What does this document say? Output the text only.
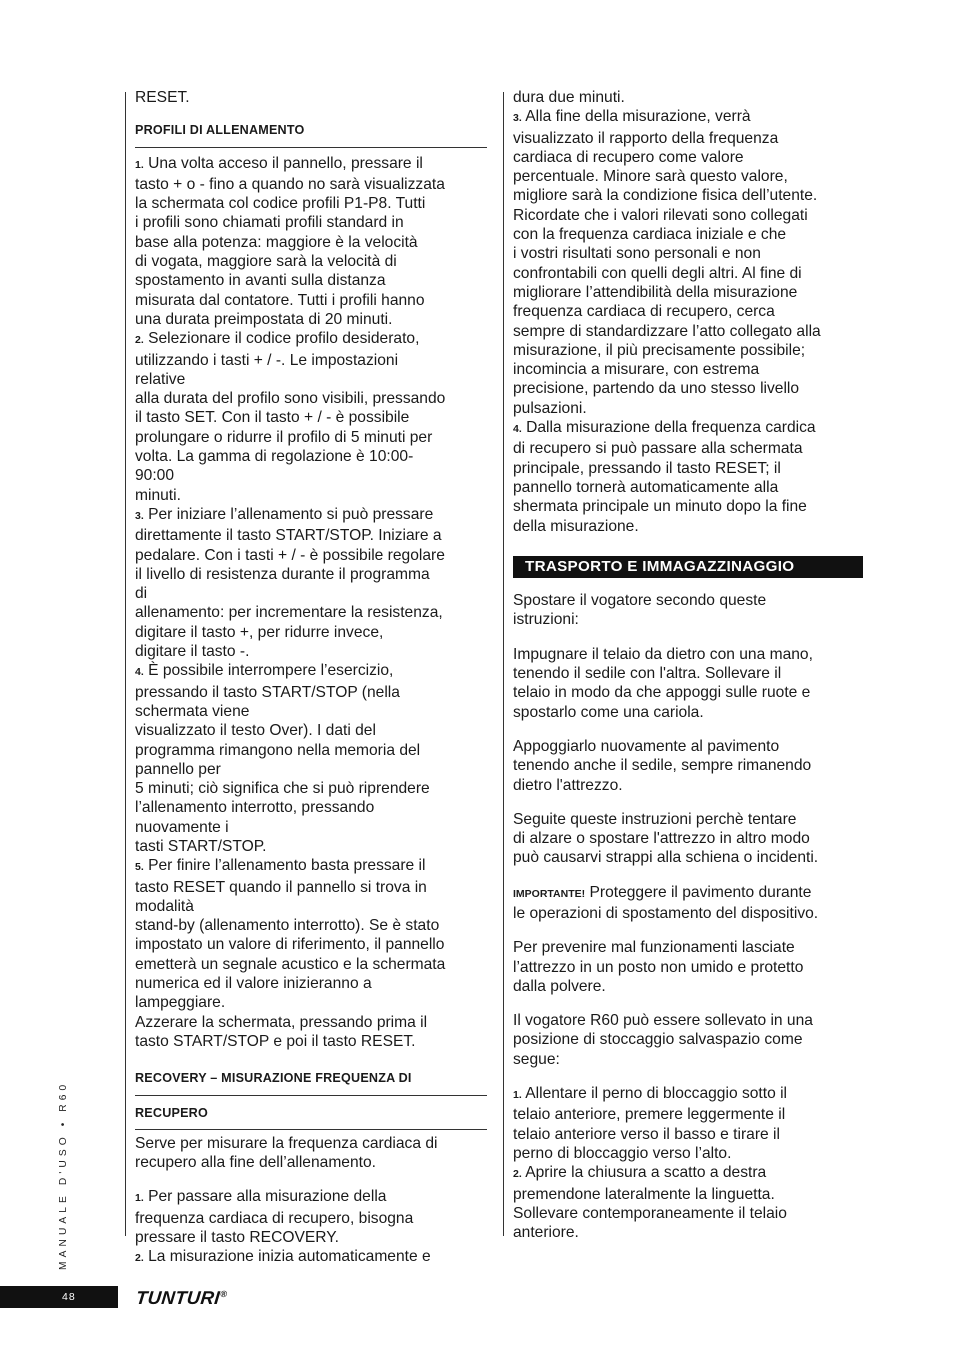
RESET.
PROFILI DI ALLENAMENTO
1. Una volta acceso il pannello, pressare il
tasto + o - fino a quando no sarà visualizzata
la schermata col codice profili P1-P8. Tutti
i profili sono chiamati profili standard in
base alla potenza: maggiore è la velocità
di vogata, maggiore sarà la velocità di
spostamento in avanti sulla distanza
misurata dal contatore. Tutti i profili hanno
una durata preimpostata di 20 minuti.
2. Selezionare il codice profilo desiderato,
utilizzando i tasti + / -. Le impostazioni
relative
alla durata del profilo sono visibili, pressando
il tasto SET. Con il tasto + / - è possibile
prolungare o ridurre il profilo di 5 minuti per
volta. La gamma di regolazione è 10:00-
90:00
minuti.
3. Per iniziare l’allenamento si può pressare
direttamente il tasto START/STOP. Iniziare a
pedalare. Con i tasti + / - è possibile regolare
il livello di resistenza durante il programma
di
allenamento: per incrementare la resistenza,
digitare il tasto +, per ridurre invece,
digitare il tasto -.
4. È possibile interrompere l’esercizio,
pressando il tasto START/STOP (nella
schermata viene
visualizzato il testo Over). I dati del
programma rimangono nella memoria del
pannello per
5 minuti; ciò significa che si può riprendere
l’allenamento interrotto, pressando
nuovamente i
tasti START/STOP.
5. Per finire l’allenamento basta pressare il
tasto RESET quando il pannello si trova in
modalità
stand-by (allenamento interrotto). Se è stato
impostato un valore di riferimento, il pannello
emetterà un segnale acustico e la schermata
numerica ed il valore inizieranno a
lampeggiare.
Azzerare la schermata, pressando prima il
tasto START/STOP e poi il tasto RESET.
RECOVERY – MISURAZIONE FREQUENZA DI
RECUPERO
Serve per misurare la frequenza cardiaca di
recupero alla fine dell’allenamento.
1. Per passare alla misurazione della
frequenza cardiaca di recupero, bisogna
pressare il tasto RECOVERY.
2. La misurazione inizia automaticamente e
dura due minuti.
3. Alla fine della misurazione, verrà
visualizzato il rapporto della frequenza
cardiaca di recupero come valore
percentuale. Minore sarà questo valore,
migliore sarà la condizione fisica dell’utente.
Ricordate che i valori rilevati sono collegati
con la frequenza cardiaca iniziale e che
i vostri risultati sono personali e non
confrontabili con quelli degli altri. Al fine di
migliorare l’attendibilità della misurazione
frequenza cardiaca di recupero, cerca
sempre di standardizzare l’atto collegato alla
misurazione, il più precisamente possibile;
incomincia a misurare, con estrema
precisione, partendo da uno stesso livello
pulsazioni.
4. Dalla misurazione della frequenza cardica
di recupero si può passare alla schermata
principale, pressando il tasto RESET; il
pannello tornerà automaticamente alla
shermata principale un minuto dopo la fine
della misurazione.
TRASPORTO E IMMAGAZZINAGGIO
Spostare il vogatore secondo queste
istruzioni:
Impugnare il telaio da dietro con una mano,
tenendo il sedile con l'altra. Sollevare il
telaio in modo da che appoggi sulle ruote e
spostarlo come una cariola.
Appoggiarlo nuovamente al pavimento
tenendo anche il sedile, sempre rimanendo
dietro l'attrezzo.
Seguite queste instruzioni perchè tentare
di alzare o spostare l'attrezzo in altro modo
può causarvi strappi alla schiena o incidenti.
IMPORTANTE! Proteggere il pavimento durante
le operazioni di spostamento del dispositivo.
Per prevenire mal funzionamenti lasciate
l’attrezzo in un posto non umido e protetto
dalla polvere.
Il vogatore R60 può essere sollevato in una
posizione di stoccaggio salvaspazio come
segue:
1. Allentare il perno di bloccaggio sotto il
telaio anteriore, premere leggermente il
telaio anteriore verso il basso e tirare il
perno di bloccaggio verso l’alto.
2. Aprire la chiusura a scatto a destra
premendone lateralmente la linguetta.
Sollevare contemporaneamente il telaio
anteriore.
MANUALE D'USO • R60
48	TUNTURI®
